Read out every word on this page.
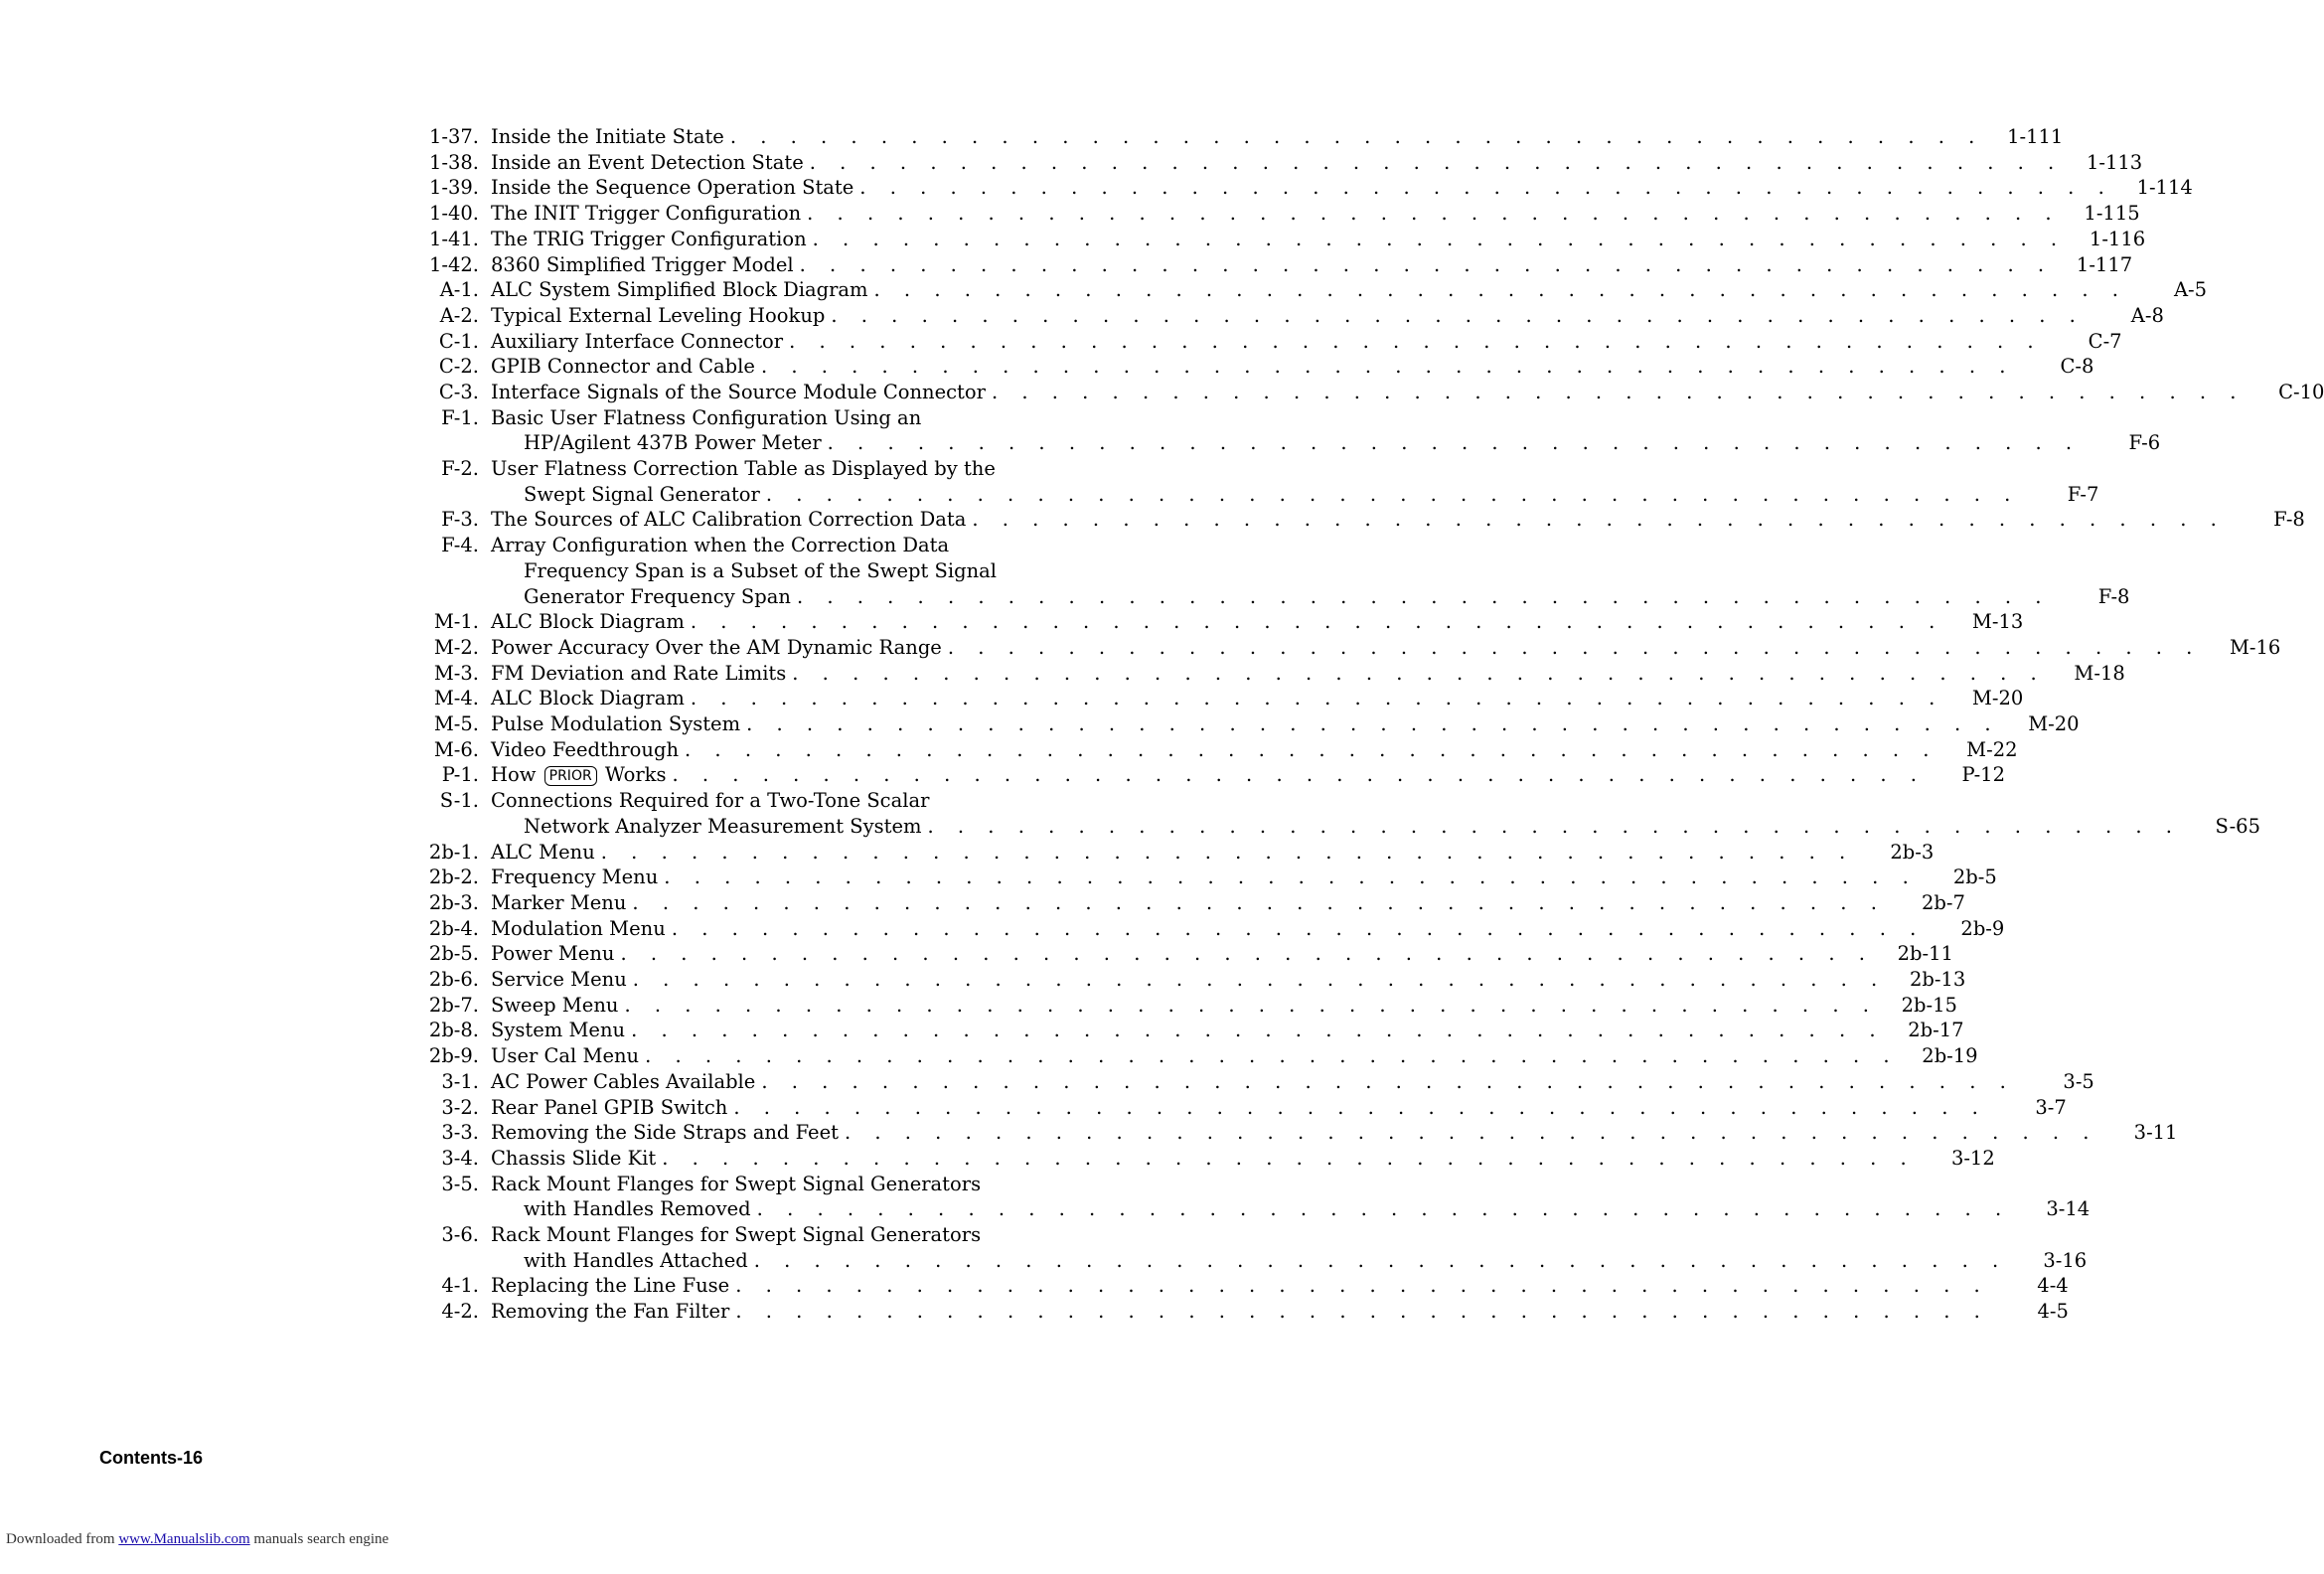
1-37. Inside the Initiate State . . .	1-111
1-38. Inside an Event Detection State . . .	1-113
1-39. Inside the Sequence Operation State . . .	1-114
1-40. The INIT Trigger Configuration . . .	1-115
1-41. The TRIG Trigger Configuration . . .	1-116
1-42. 8360 Simplified Trigger Model . . .	1-117
A-1. ALC System Simplified Block Diagram . . .	A-5
A-2. Typical External Leveling Hookup . . .	A-8
C-1. Auxiliary Interface Connector . . .	C-7
C-2. GPIB Connector and Cable . . .	C-8
C-3. Interface Signals of the Source Module Connector . . .	C-10
F-1. Basic User Flatness Configuration Using an
HP/Agilent 437B Power Meter . . .	F-6
F-2. User Flatness Correction Table as Displayed by the
Swept Signal Generator . . .	F-7
F-3. The Sources of ALC Calibration Correction Data . . .	F-8
F-4. Array Configuration when the Correction Data
Frequency Span is a Subset of the Swept Signal
Generator Frequency Span . . .	F-8
M-1. ALC Block Diagram . . .	M-13
M-2. Power Accuracy Over the AM Dynamic Range . . .	M-16
M-3. FM Deviation and Rate Limits . . .	M-18
M-4. ALC Block Diagram . . .	M-20
M-5. Pulse Modulation System . . .	M-20
M-6. Video Feedthrough . . .	M-22
P-1. How PRIOR Works . . .	P-12
S-1. Connections Required for a Two-Tone Scalar
Network Analyzer Measurement System . . .	S-65
2b-1. ALC Menu . . .	2b-3
2b-2. Frequency Menu . . .	2b-5
2b-3. Marker Menu . . .	2b-7
2b-4. Modulation Menu . . .	2b-9
2b-5. Power Menu . . .	2b-11
2b-6. Service Menu . . .	2b-13
2b-7. Sweep Menu . . .	2b-15
2b-8. System Menu . . .	2b-17
2b-9. User Cal Menu . . .	2b-19
3-1. AC Power Cables Available . . .	3-5
3-2. Rear Panel GPIB Switch . . .	3-7
3-3. Removing the Side Straps and Feet . . .	3-11
3-4. Chassis Slide Kit . . .	3-12
3-5. Rack Mount Flanges for Swept Signal Generators
with Handles Removed . . .	3-14
3-6. Rack Mount Flanges for Swept Signal Generators
with Handles Attached . . .	3-16
4-1. Replacing the Line Fuse . . .	4-4
4-2. Removing the Fan Filter . . .	4-5
Contents-16
Downloaded from www.Manualslib.com manuals search engine
